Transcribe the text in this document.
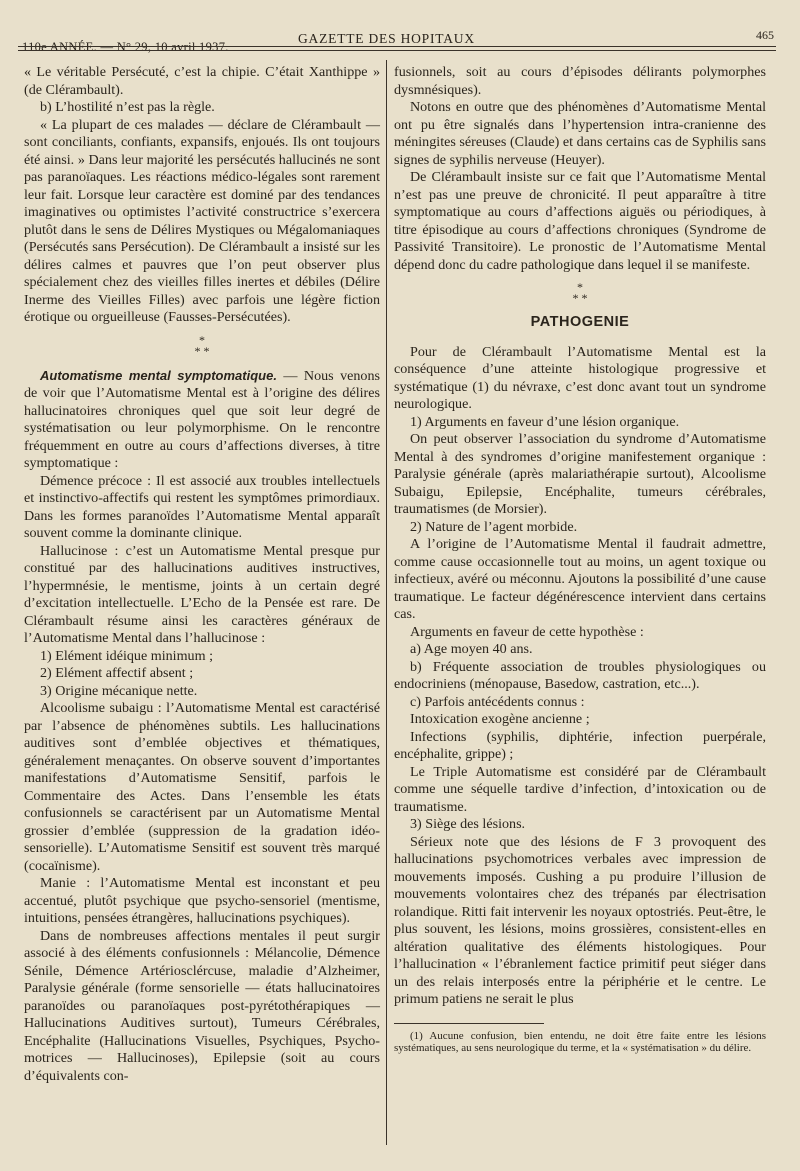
110e ANNÉE. — N° 29, 10 avril 1937.
GAZETTE DES HOPITAUX	465

« Le véritable Persécuté, c’est la chipie. C’était Xanthippe » (de Clérambault).

b) L’hostilité n’est pas la règle.

« La plupart de ces malades — déclare de Clérambault — sont conciliants, confiants, expansifs, enjoués. Ils ont toujours été ainsi. » Dans leur majorité les persécutés hallucinés ne sont pas paranoïaques. Les réactions médico-légales sont rarement leur fait. Lorsque leur caractère est dominé par des tendances imaginatives ou optimistes l’activité constructrice s’exercera plutôt dans le sens de Délires Mystiques ou Mégalomaniaques (Persécutés sans Persécution). De Clérambault a insisté sur les délires calmes et pauvres que l’on peut observer plus spécialement chez des vieilles filles inertes et débiles (Délire Inerme des Vieilles Filles) avec parfois une légère fiction érotique ou orgueilleuse (Fausses-Persécutées).

*
* *

Automatisme mental symptomatique. — Nous venons de voir que l’Automatisme Mental est à l’origine des délires hallucinatoires chroniques quel que soit leur degré de systématisation ou leur polymorphisme. On le rencontre fréquemment en outre au cours d’affections diverses, à titre symptomatique :

Démence précoce : Il est associé aux troubles intellectuels et instinctivo-affectifs qui restent les symptômes primordiaux. Dans les formes paranoïdes l’Automatisme Mental apparaît souvent comme la dominante clinique.

Hallucinose : c’est un Automatisme Mental presque pur constitué par des hallucinations auditives instructives, l’hypermnésie, le mentisme, joints à un certain degré d’excitation intellectuelle. L’Echo de la Pensée est rare. De Clérambault résume ainsi les caractères généraux de l’Automatisme Mental dans l’hallucinose :

1) Elément idéique minimum ;

2) Elément affectif absent ;

3) Origine mécanique nette.

Alcoolisme subaigu : l’Automatisme Mental est caractérisé par l’absence de phénomènes subtils. Les hallucinations auditives sont d’emblée objectives et thématiques, généralement menaçantes. On observe souvent d’importantes manifestations d’Automatisme Sensitif, parfois le Commentaire des Actes. Dans l’ensemble les états confusionnels se caractérisent par un Automatisme Mental grossier d’emblée (suppression de la gradation idéo-sensorielle). L’Automatisme Sensitif est souvent très marqué (cocaïnisme).

Manie : l’Automatisme Mental est inconstant et peu accentué, plutôt psychique que psycho-sensoriel (mentisme, intuitions, pensées étrangères, hallucinations psychiques).

Dans de nombreuses affections mentales il peut surgir associé à des éléments confusionnels : Mélancolie, Démence Sénile, Démence Artériosclércuse, maladie d’Alzheimer, Paralysie générale (forme sensorielle — états hallucinatoires paranoïdes ou paranoïaques post-pyrétothérapiques — Hallucinations Auditives surtout), Tumeurs Cérébrales, Encéphalite (Hallucinations Visuelles, Psychiques, Psycho-motrices — Hallucinoses), Epilepsie (soit au cours d’équivalents con-

fusionnels, soit au cours d’épisodes délirants polymorphes dysmnésiques).

Notons en outre que des phénomènes d’Automatisme Mental ont pu être signalés dans l’hypertension intra-cranienne des méningites séreuses (Claude) et dans certains cas de Syphilis sans signes de syphilis nerveuse (Heuyer).

De Clérambault insiste sur ce fait que l’Automatisme Mental n’est pas une preuve de chronicité. Il peut apparaître à titre symptomatique au cours d’affections aiguës ou périodiques, à titre épisodique au cours d’affections chroniques (Syndrome de Passivité Transitoire). Le pronostic de l’Automatisme Mental dépend donc du cadre pathologique dans lequel il se manifeste.

*
* *
PATHOGENIE

Pour de Clérambault l’Automatisme Mental est la conséquence d’une atteinte histologique progressive et systématique (1) du névraxe, c’est donc avant tout un syndrome neurologique.

1) Arguments en faveur d’une lésion organique.

On peut observer l’association du syndrome d’Automatisme Mental à des syndromes d’origine manifestement organique : Paralysie générale (après malariathérapie surtout), Alcoolisme Subaigu, Epilepsie, Encéphalite, tumeurs cérébrales, traumatismes (de Morsier).

2) Nature de l’agent morbide.

A l’origine de l’Automatisme Mental il faudrait admettre, comme cause occasionnelle tout au moins, un agent toxique ou infectieux, avéré ou méconnu. Ajoutons la possibilité d’une cause traumatique. Le facteur dégénérescence intervient dans certains cas.

Arguments en faveur de cette hypothèse :

a) Age moyen 40 ans.

b) Fréquente association de troubles physiologiques ou endocriniens (ménopause, Basedow, castration, etc...).

c) Parfois antécédents connus :

Intoxication exogène ancienne ;

Infections (syphilis, diphtérie, infection puerpérale, encéphalite, grippe) ;

Le Triple Automatisme est considéré par de Clérambault comme une séquelle tardive d’infection, d’intoxication ou de traumatisme.

3) Siège des lésions.

Sérieux note que des lésions de F 3 provoquent des hallucinations psychomotrices verbales avec impression de mouvements imposés. Cushing a pu produire l’illusion de mouvements volontaires chez des trépanés par électrisation rolandique. Ritti fait intervenir les noyaux optostriés. Peut-être, le plus souvent, les lésions, moins grossières, consistent-elles en altération qualitative des éléments histologiques. Pour l’hallucination « l’ébranlement factice primitif peut siéger dans un des relais interposés entre la périphérie et le centre. Le primum patiens ne serait le plus

(1) Aucune confusion, bien entendu, ne doit être faite entre les lésions systématiques, au sens neurologique du terme, et la « systématisation » du délire.
